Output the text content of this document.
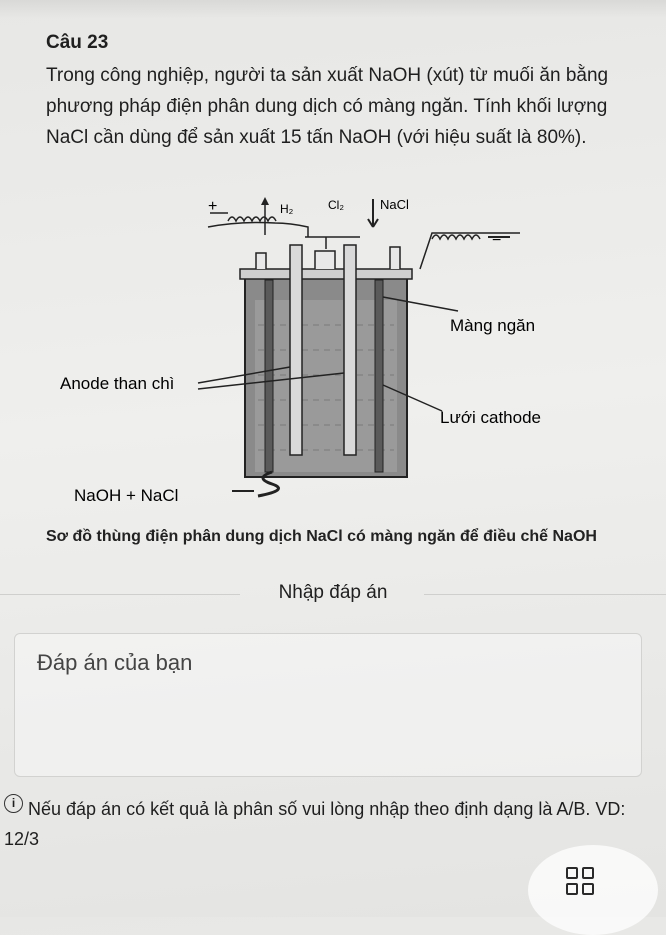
Câu 23
Trong công nghiệp, người ta sản xuất NaOH (xút) từ muối ăn bằng phương pháp điện phân dung dịch có màng ngăn. Tính khối lượng NaCl cần dùng để sản xuất 15 tấn NaOH (với hiệu suất là 80%).
H₂	Cl₂	NaCl
+
−
Màng ngăn
Anode than chì
Lưới cathode
NaOH + NaCl
Sơ đồ thùng điện phân dung dịch NaCl có màng ngăn để điều chế NaOH
Nhập đáp án
Đáp án của bạn
i Nếu đáp án có kết quả là phân số vui lòng nhập theo định dạng là A/B. VD: 12/3
